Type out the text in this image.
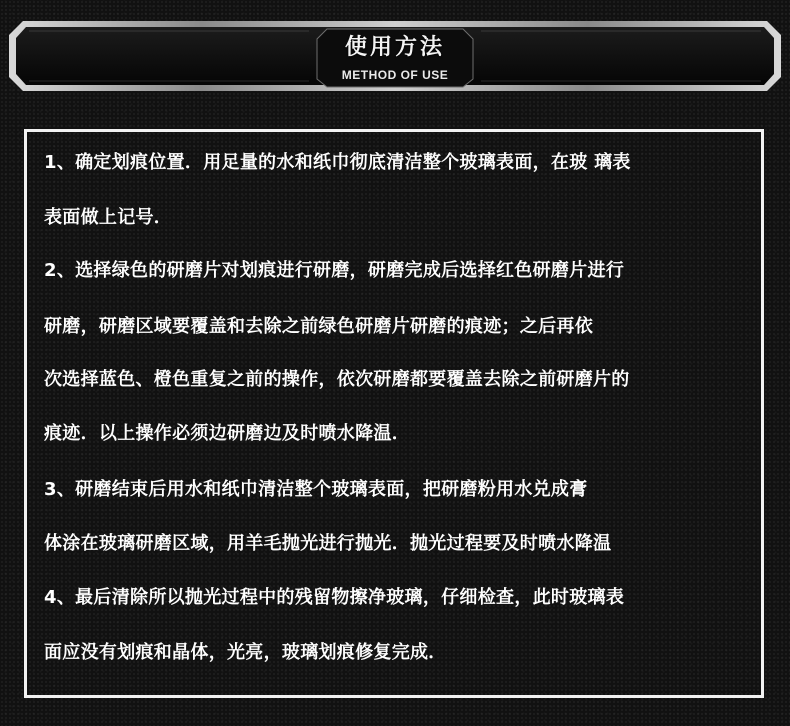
使用方法
METHOD OF USE
1、确定划痕位置．用足量的水和纸巾彻底清洁整个玻璃表面，在玻 璃表
表面做上记号．
2、选择绿色的研磨片对划痕进行研磨，研磨完成后选择红色研磨片进行
研磨，研磨区域要覆盖和去除之前绿色研磨片研磨的痕迹；之后再依
次选择蓝色、橙色重复之前的操作，依次研磨都要覆盖去除之前研磨片的
痕迹．以上操作必须边研磨边及时喷水降温．
3、研磨结束后用水和纸巾清洁整个玻璃表面，把研磨粉用水兑成膏
体涂在玻璃研磨区域，用羊毛抛光进行抛光．抛光过程要及时喷水降温
4、最后清除所以抛光过程中的残留物擦净玻璃，仔细检查，此时玻璃表
面应没有划痕和晶体，光亮，玻璃划痕修复完成．
